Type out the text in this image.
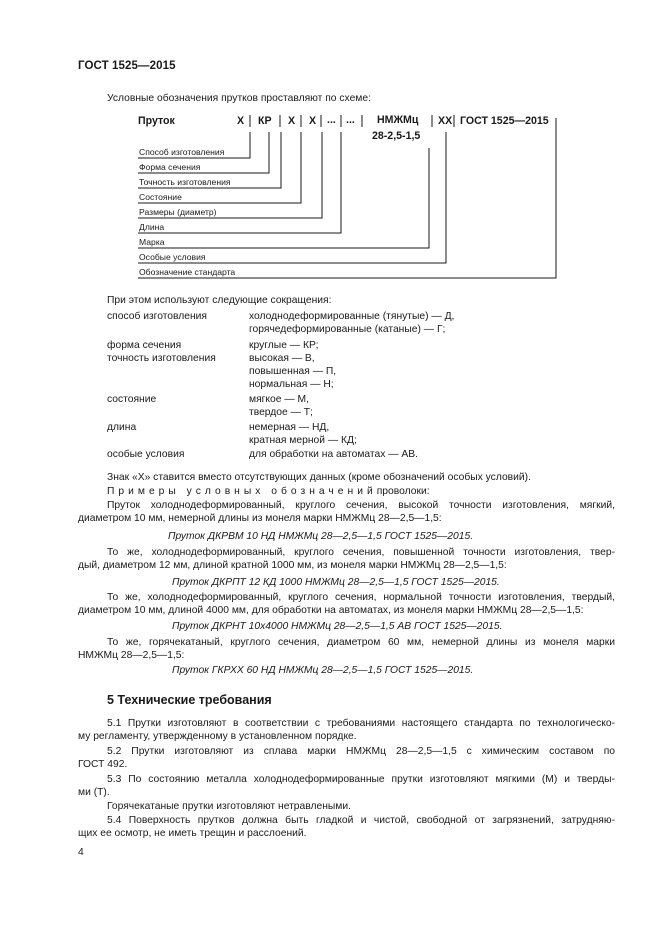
ГОСТ 1525—2015
Условные обозначения прутков проставляют по схеме:
Пруток	Х КР Х Х ... ... НМЖМц
28-2,5-1,5
XX ГОСТ 1525—2015
Способ изготовления
Форма сечения
Точность изготовления
Состояние
Размеры (диаметр)
Длина
Марка
Особые условия
Обозначение стандарта
При этом используют следующие сокращения:
способ изготовления	холоднодеформированные (тянутые) — Д,
горячедеформированные (катаные) — Г;
форма сечения	круглые — КР;
точность изготовления	высокая — В,
повышенная — П,
нормальная — Н;
состояние	мягкое — М,
твердое — Т;
длина	немерная — НД,
кратная мерной — КД;
особые условия	для обработки на автоматах — АВ.
Знак «Х» ставится вместо отсутствующих данных (кроме обозначений особых условий).
Примеры условных обозначенийпроволоки:
Пруток холоднодеформированный, круглого сечения, высокой точности изготовления, мягкий,
диаметром 10 мм, немерной длины из монеля марки НМЖМц 28—2,5—1,5:
Пруток ДКРВМ 10 НД НМЖМц 28—2,5—1,5 ГОСТ 1525—2015.
То же, холоднодеформированный, круглого сечения, повышенной точности изготовления, твер-
дый, диаметром 12 мм, длиной кратной 1000 мм, из монеля марки НМЖМц 28—2,5—1,5:
Пруток ДКРПТ 12 КД 1000 НМЖМц 28—2,5—1,5 ГОСТ 1525—2015.
То же, холоднодеформированный, круглого сечения, нормальной точности изготовления, твердый,
диаметром 10 мм, длиной 4000 мм, для обработки на автоматах, из монеля марки НМЖМц 28—2,5—1,5:
Пруток ДКРНТ 10х4000 НМЖМц 28—2,5—1,5 АВ ГОСТ 1525—2015.
То же, горячекатаный, круглого сечения, диаметром 60 мм, немерной длины из монеля марки
НМЖМц 28—2,5—1,5:
Пруток ГКРХХ 60 НД НМЖМц 28—2,5—1,5 ГОСТ 1525—2015.
5 Технические требования
5.1 Прутки изготовляют в соответствии с требованиями настоящего стандарта по технологическо-
му регламенту, утвержденному в установленном порядке.
5.2 Прутки изготовляют из сплава марки НМЖМц 28—2,5—1,5 с химическим составом по
ГОСТ 492.
5.3 По состоянию металла холоднодеформированные прутки изготовляют мягкими (М) и тверды-
ми (Т).
Горячекатаные прутки изготовляют нетравлеными.
5.4 Поверхность прутков должна быть гладкой и чистой, свободной от загрязнений, затрудняю-
щих ее осмотр, не иметь трещин и расслоений.
4
